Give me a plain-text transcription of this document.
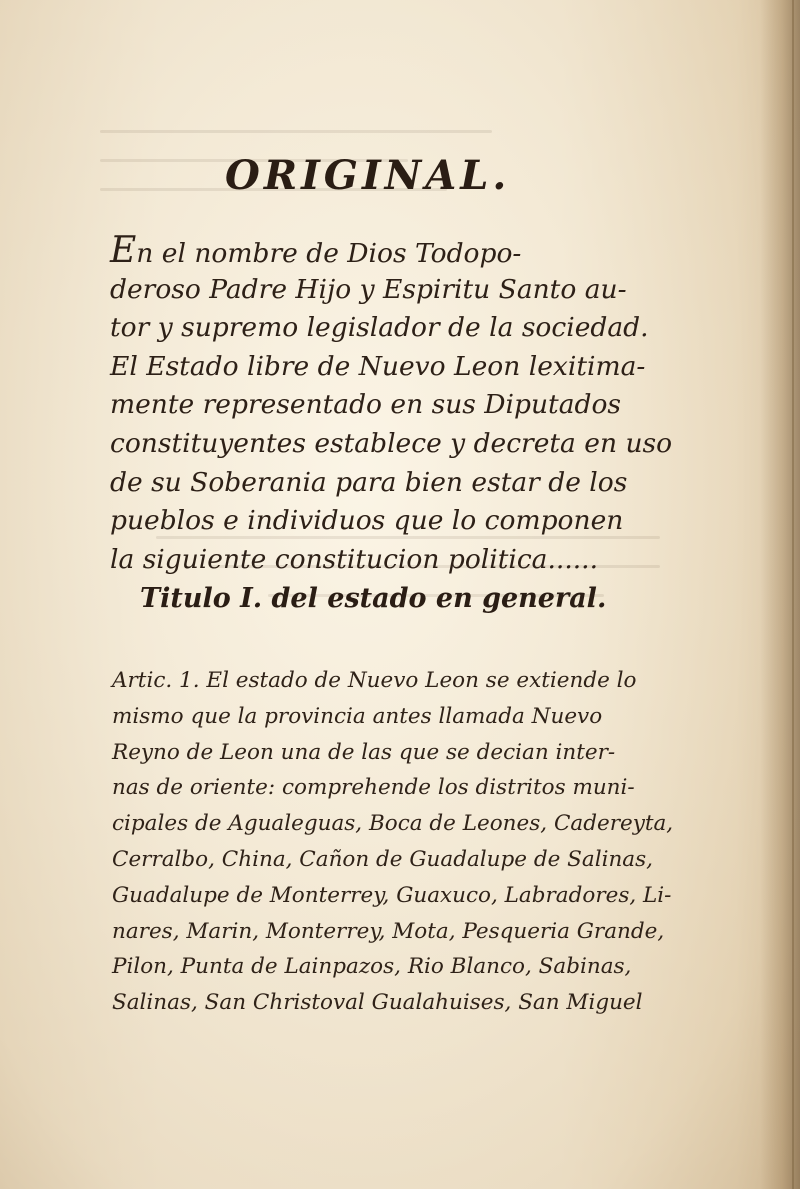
ORIGINAL.
En el nombre de Dios Todopo-
deroso Padre Hijo y Espiritu Santo au-
tor y supremo legislador de la sociedad.
El Estado libre de Nuevo Leon lexitima-
mente representado en sus Diputados
constituyentes establece y decreta en uso
de su Soberania para bien estar de los
pueblos e individuos que lo componen
la siguiente constitucion politica......
Titulo I. del estado en general.
Artic. 1. El estado de Nuevo Leon se extiende lo
mismo que la provincia antes llamada Nuevo
Reyno de Leon una de las que se decian inter-
nas de oriente: comprehende los distritos muni-
cipales de Agualeguas, Boca de Leones, Cadereyta,
Cerralbo, China, Cañon de Guadalupe de Salinas,
Guadalupe de Monterrey, Guaxuco, Labradores, Li-
nares, Marin, Monterrey, Mota, Pesqueria Grande,
Pilon, Punta de Lainpazos, Rio Blanco, Sabinas,
Salinas, San Christoval Gualahuises, San Miguel
